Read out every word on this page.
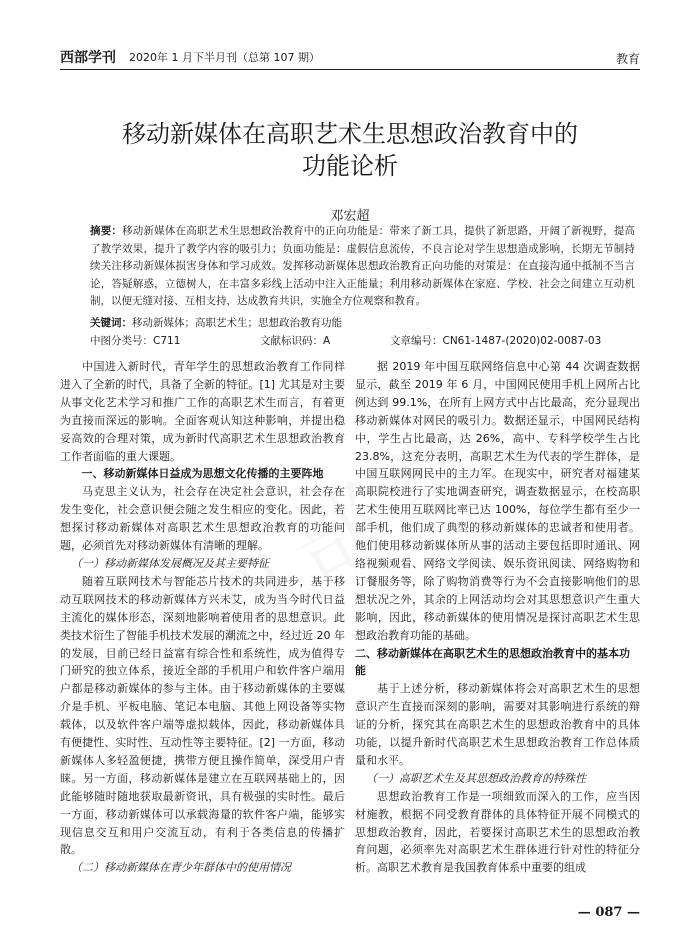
西部学刊 2020年 1 月下半月刊（总第 107 期）	教育
移动新媒体在高职艺术生思想政治教育中的
功能论析
邓宏超
摘要：移动新媒体在高职艺术生思想政治教育中的正向功能是：带来了新工具，提供了新思路，开阔了新视野，提高了教学效果，提升了教学内容的吸引力；负面功能是：虚假信息流传，不良言论对学生思想造成影响，长期无节制持续关注移动新媒体损害身体和学习成效。发挥移动新媒体思想政治教育正向功能的对策是：在直接沟通中抵制不当言论，答疑解惑，立德树人，在丰富多彩线上活动中注入正能量；利用移动新媒体在家庭、学校、社会之间建立互动机制，以便无缝对接、互相支持，达成教育共识，实施全方位观察和教育。
关键词：移动新媒体；高职艺术生；思想政治教育功能
中图分类号：C711	文献标识码：A	文章编号：CN61-1487-(2020)02-0087-03

中国进入新时代，青年学生的思想政治教育工作同样进入了全新的时代，具备了全新的特征。[1] 尤其是对主要从事文化艺术学习和推广工作的高职艺术生而言，有着更为直接而深远的影响。全面客观认知这种影响，并提出稳妥高效的合理对策，成为新时代高职艺术生思想政治教育工作者面临的重大课题。

一、移动新媒体日益成为思想文化传播的主要阵地

马克思主义认为，社会存在决定社会意识，社会存在发生变化，社会意识便会随之发生相应的变化。因此，若想探讨移动新媒体对高职艺术生思想政治教育的功能问题，必须首先对移动新媒体有清晰的理解。

（一）移动新媒体发展概况及其主要特征

随着互联网技术与智能芯片技术的共同进步，基于移动互联网技术的移动新媒体方兴未艾，成为当今时代日益主流化的媒体形态，深刻地影响着使用者的思想意识。此类技术衍生了智能手机技术发展的潮流之中，经过近 20 年的发展，目前已经日益富有综合性和系统性，成为值得专门研究的独立体系，接近全部的手机用户和软件客户端用户都是移动新媒体的参与主体。由于移动新媒体的主要媒介是手机、平板电脑、笔记本电脑、其他上网设备等实物载体，以及软件客户端等虚拟载体，因此，移动新媒体具有便捷性、实时性、互动性等主要特征。[2] 一方面，移动新媒体人多轻盈便捷，携带方便且操作简单，深受用户青睐。另一方面，移动新媒体是建立在互联网基础上的，因此能够随时随地获取最新资讯，具有极强的实时性。最后一方面，移动新媒体可以承载海量的软件客户端，能够实现信息交互和用户交流互动，有利于各类信息的传播扩散。

（二）移动新媒体在青少年群体中的使用情况

据 2019 年中国互联网络信息中心第 44 次调查数据显示，截至 2019 年 6 月，中国网民使用手机上网所占比例达到 99.1%，在所有上网方式中占比最高，充分显现出移动新媒体对网民的吸引力。数据还显示，中国网民结构中，学生占比最高，达 26%，高中、专科学校学生占比 23.8%，这充分表明，高职艺术生为代表的学生群体，是中国互联网网民中的主力军。在现实中，研究者对福建某高职院校进行了实地调查研究，调查数据显示，在校高职艺术生使用互联网比率已达 100%，每位学生都有至少一部手机，他们成了典型的移动新媒体的忠诚者和使用者。他们使用移动新媒体所从事的活动主要包括即时通讯、网络视频观看、网络文学阅读、娱乐资讯阅读、网络购物和订餐服务等，除了购物消费等行为不会直接影响他们的思想状况之外，其余的上网活动均会对其思想意识产生重大影响，因此，移动新媒体的使用情况是探讨高职艺术生思想政治教育功能的基础。

二、移动新媒体在高职艺术生的思想政治教育中的基本功能

基于上述分析，移动新媒体将会对高职艺术生的思想意识产生直接而深刻的影响，需要对其影响进行系统的辩证的分析，探究其在高职艺术生的思想政治教育中的具体功能，以提升新时代高职艺术生思想政治教育工作总体质量和水平。

（一）高职艺术生及其思想政治教育的特殊性

思想政治教育工作是一项细致而深入的工作，应当因材施教，根据不同受教育群体的具体特征开展不同模式的思想政治教育，因此，若要探讨高职艺术生的思想政治教育问题，必须率先对高职艺术生群体进行针对性的特征分析。高职艺术教育是我国教育体系中重要的组成

— 087 —
